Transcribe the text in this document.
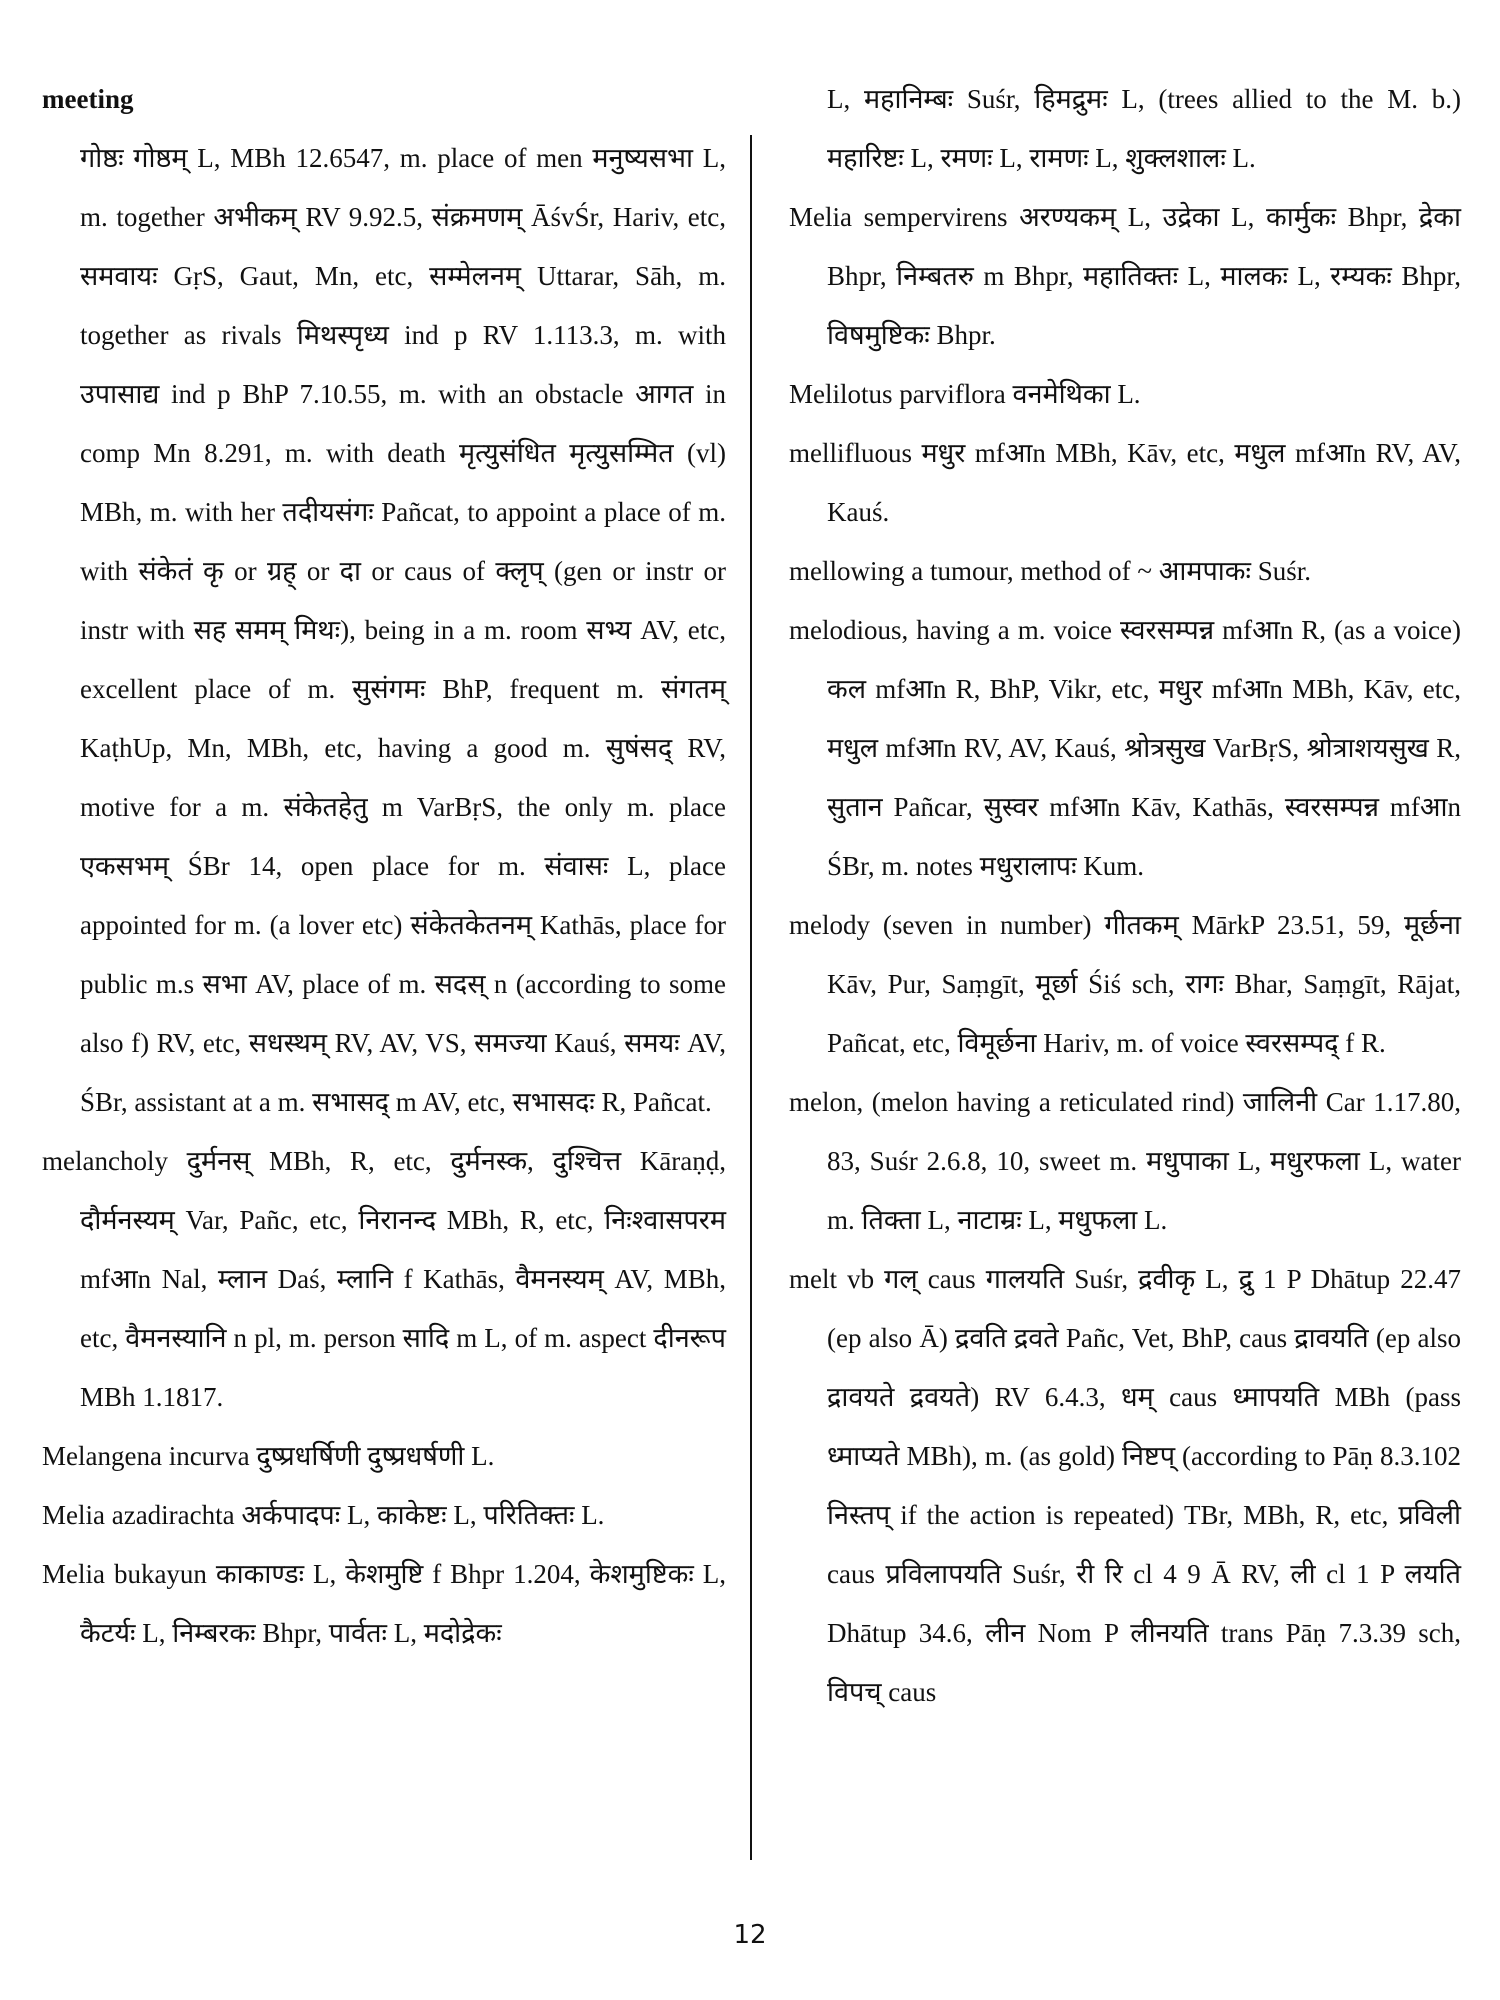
meeting

गोष्ठः गोष्ठम् L, MBh 12.6547, m. place of men मनुष्यसभा L, m. together अभीकम् RV 9.92.5, संक्रमणम् ĀśvŚr, Hariv, etc, समवायः GṛS, Gaut, Mn, etc, सम्मेलनम् Uttarar, Sāh, m. together as rivals मिथस्पृध्य ind p RV 1.113.3, m. with उपासाद्य ind p BhP 7.10.55, m. with an obstacle आगत in comp Mn 8.291, m. with death मृत्युसंधित मृत्युसम्मित (vl) MBh, m. with her तदीयसंगः Pañcat, to appoint a place of m. with संकेतं कृ or ग्रह् or दा or caus of क्लृप् (gen or instr or instr with सह समम् मिथः), being in a m. room सभ्य AV, etc, excellent place of m. सुसंगमः BhP, frequent m. संगतम् KaṭhUp, Mn, MBh, etc, having a good m. सुषंसद् RV, motive for a m. संकेतहेतु m VarBṛS, the only m. place एकसभम् ŚBr 14, open place for m. संवासः L, place appointed for m. (a lover etc) संकेतकेतनम् Kathās, place for public m.s सभा AV, place of m. सदस् n (according to some also f) RV, etc, सधस्थम् RV, AV, VS, समज्या Kauś, समयः AV, ŚBr, assistant at a m. सभासद् m AV, etc, सभासदः R, Pañcat.

melancholy दुर्मनस् MBh, R, etc, दुर्मनस्क, दुश्चित्त Kāraṇḍ, दौर्मनस्यम् Var, Pañc, etc, निरानन्द MBh, R, etc, निःश्वासपरम mfआn Nal, म्लान Daś, म्लानि f Kathās, वैमनस्यम् AV, MBh, etc, वैमनस्यानि n pl, m. person सादि m L, of m. aspect दीनरूप MBh 1.1817.

Melangena incurva दुष्प्रधर्षिणी दुष्प्रधर्षणी L.

Melia azadirachta अर्कपादपः L, काकेष्टः L, परितिक्तः L.

Melia bukayun काकाण्डः L, केशमुष्टि f Bhpr 1.204, केशमुष्टिकः L, कैटर्यः L, निम्बरकः Bhpr, पार्वतः L, मदोद्रेकः

L, महानिम्बः Suśr, हिमद्रुमः L, (trees allied to the M. b.) महारिष्टः L, रमणः L, रामणः L, शुक्लशालः L.

Melia sempervirens अरण्यकम् L, उद्रेका L, कार्मुकः Bhpr, द्रेका Bhpr, निम्बतरु m Bhpr, महातिक्तः L, मालकः L, रम्यकः Bhpr, विषमुष्टिकः Bhpr.

Melilotus parviflora वनमेथिका L.

mellifluous मधुर mfआn MBh, Kāv, etc, मधुल mfआn RV, AV, Kauś.

mellowing a tumour, method of ~ आमपाकः Suśr.

melodious, having a m. voice स्वरसम्पन्न mfआn R, (as a voice) कल mfआn R, BhP, Vikr, etc, मधुर mfआn MBh, Kāv, etc, मधुल mfआn RV, AV, Kauś, श्रोत्रसुख VarBṛS, श्रोत्राशयसुख R, सुतान Pañcar, सुस्वर mfआn Kāv, Kathās, स्वरसम्पन्न mfआn ŚBr, m. notes मधुरालापः Kum.

melody (seven in number) गीतकम् MārkP 23.51, 59, मूर्छना Kāv, Pur, Saṃgīt, मूर्छा Śiś sch, रागः Bhar, Saṃgīt, Rājat, Pañcat, etc, विमूर्छना Hariv, m. of voice स्वरसम्पद् f R.

melon, (melon having a reticulated rind) जालिनी Car 1.17.80, 83, Suśr 2.6.8, 10, sweet m. मधुपाका L, मधुरफला L, water m. तिक्ता L, नाटाम्रः L, मधुफला L.

melt vb गल् caus गालयति Suśr, द्रवीकृ L, द्रु 1 P Dhātup 22.47 (ep also Ā) द्रवति द्रवते Pañc, Vet, BhP, caus द्रावयति (ep also द्रावयते द्रवयते) RV 6.4.3, धम् caus ध्मापयति MBh (pass ध्माप्यते MBh), m. (as gold) निष्टप् (according to Pāṇ 8.3.102 निस्तप् if the action is repeated) TBr, MBh, R, etc, प्रविली caus प्रविलापयति Suśr, री रि cl 4 9 Ā RV, ली cl 1 P लयति Dhātup 34.6, लीन Nom P लीनयति trans Pāṇ 7.3.39 sch, विपच् caus

12
